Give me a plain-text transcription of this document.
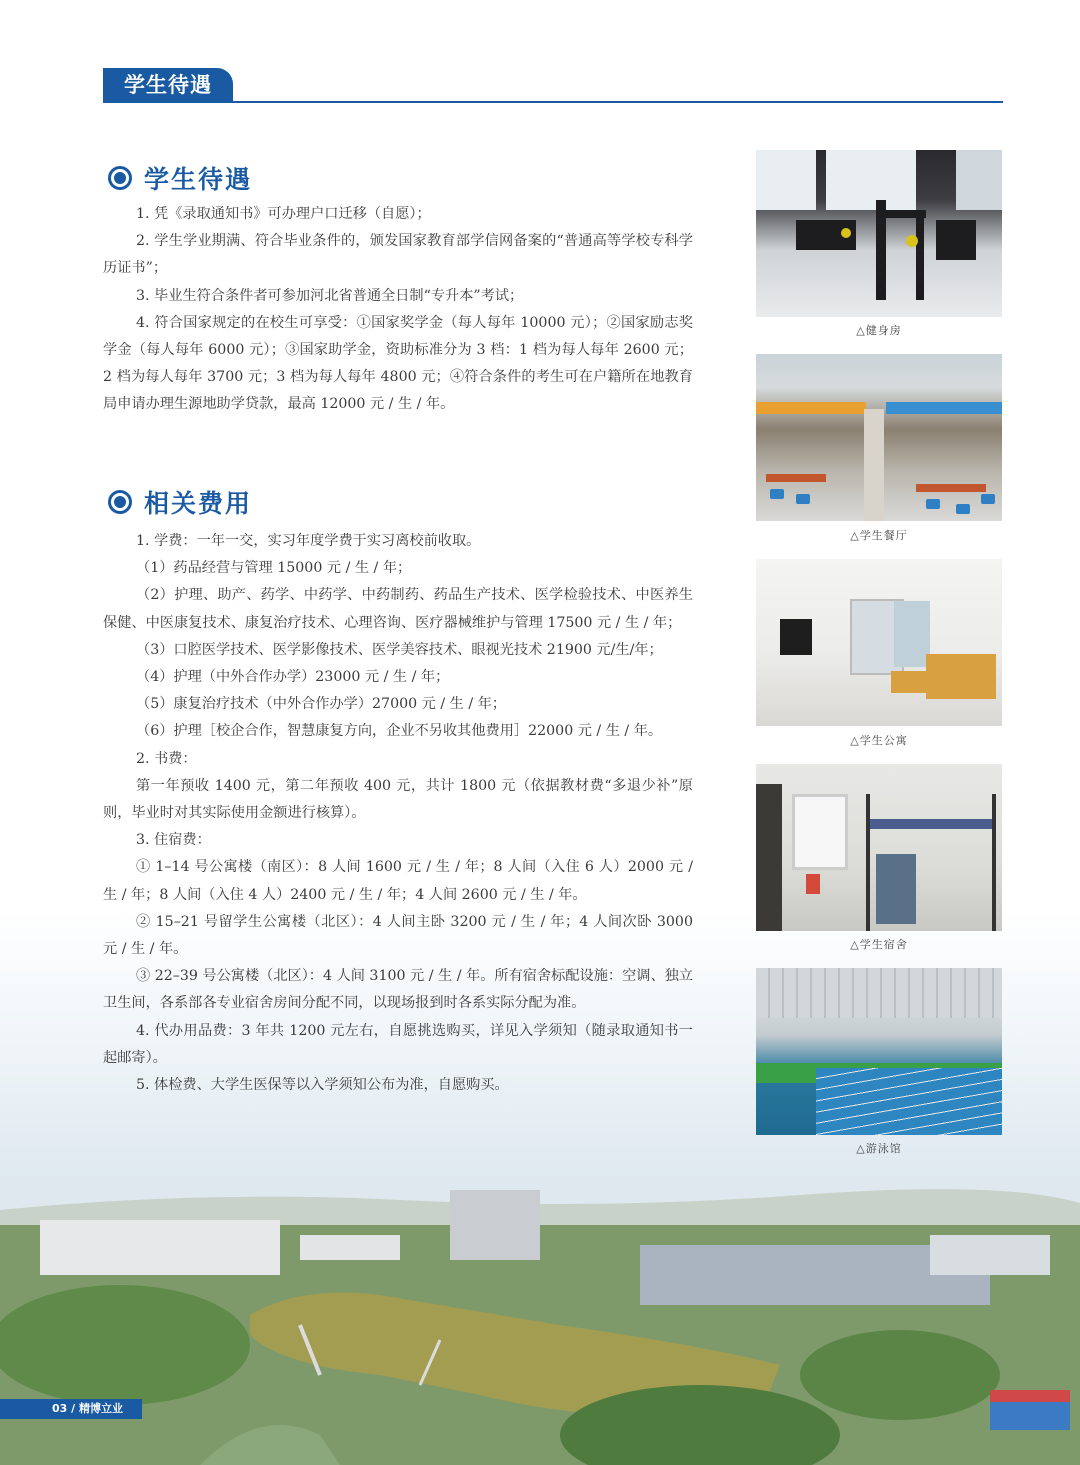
学生待遇
学生待遇

1. 凭《录取通知书》可办理户口迁移（自愿）；

2. 学生学业期满、符合毕业条件的，颁发国家教育部学信网备案的“普通高等学校专科学历证书”；

3. 毕业生符合条件者可参加河北省普通全日制“专升本”考试；

4. 符合国家规定的在校生可享受：①国家奖学金（每人每年 10000 元）；②国家励志奖学金（每人每年 6000 元）；③国家助学金，资助标准分为 3 档：1 档为每人每年 2600 元；2 档为每人每年 3700 元；3 档为每人每年 4800 元；④符合条件的考生可在户籍所在地教育局申请办理生源地助学贷款，最高 12000 元 / 生 / 年。

相关费用

1. 学费：一年一交，实习年度学费于实习离校前收取。

（1）药品经营与管理 15000 元 / 生 / 年；

（2）护理、助产、药学、中药学、中药制药、药品生产技术、医学检验技术、中医养生保健、中医康复技术、康复治疗技术、心理咨询、医疗器械维护与管理 17500 元 / 生 / 年；

（3）口腔医学技术、医学影像技术、医学美容技术、眼视光技术 21900 元/生/年；

（4）护理（中外合作办学）23000 元 / 生 / 年；

（5）康复治疗技术（中外合作办学）27000 元 / 生 / 年；

（6）护理［校企合作，智慧康复方向，企业不另收其他费用］22000 元 / 生 / 年。

2. 书费：

第一年预收 1400 元，第二年预收 400 元，共计 1800 元（依据教材费“多退少补”原则，毕业时对其实际使用金额进行核算）。

3. 住宿费：

① 1–14 号公寓楼（南区）：8 人间 1600 元 / 生 / 年；8 人间（入住 6 人）2000 元 / 生 / 年；8 人间（入住 4 人）2400 元 / 生 / 年；4 人间 2600 元 / 生 / 年。

② 15–21 号留学生公寓楼（北区）：4 人间主卧 3200 元 / 生 / 年；4 人间次卧 3000 元 / 生 / 年。

③ 22–39 号公寓楼（北区）：4 人间 3100 元 / 生 / 年。所有宿舍标配设施：空调、独立卫生间，各系部各专业宿舍房间分配不同，以现场报到时各系实际分配为准。

4. 代办用品费：3 年共 1200 元左右，自愿挑选购买，详见入学须知（随录取通知书一起邮寄）。

5. 体检费、大学生医保等以入学须知公布为准，自愿购买。

△健身房
△学生餐厅
△学生公寓
△学生宿舍
△游泳馆
03 / 精博立业
